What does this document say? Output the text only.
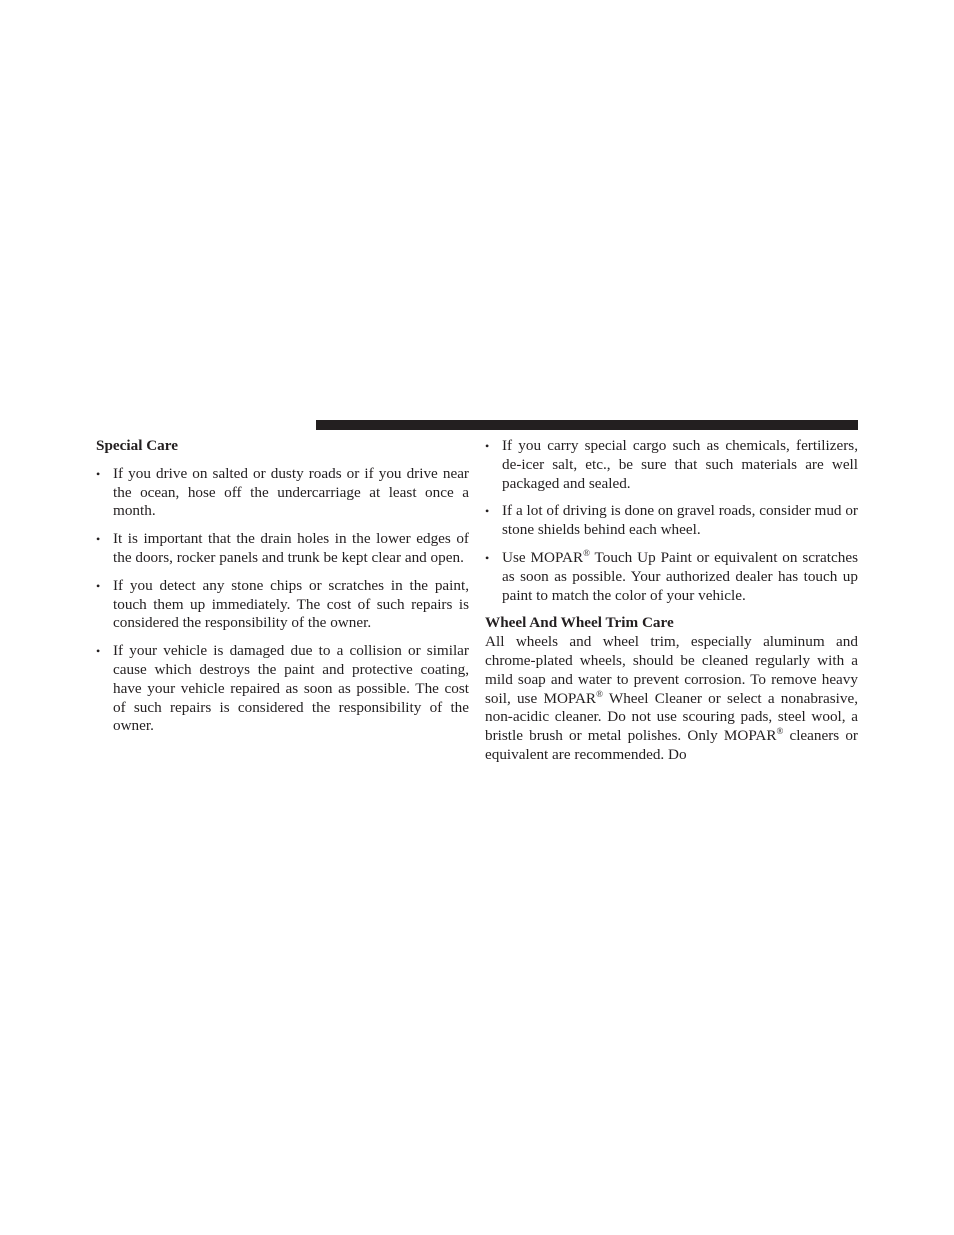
Special Care
• If you drive on salted or dusty roads or if you drive near the ocean, hose off the undercarriage at least once a month.
• It is important that the drain holes in the lower edges of the doors, rocker panels and trunk be kept clear and open.
• If you detect any stone chips or scratches in the paint, touch them up immediately. The cost of such repairs is considered the responsibility of the owner.
• If your vehicle is damaged due to a collision or similar cause which destroys the paint and protective coating, have your vehicle repaired as soon as possible. The cost of such repairs is considered the responsibility of the owner.
• If you carry special cargo such as chemicals, fertilizers, de-icer salt, etc., be sure that such materials are well packaged and sealed.
• If a lot of driving is done on gravel roads, consider mud or stone shields behind each wheel.
• Use MOPAR® Touch Up Paint or equivalent on scratches as soon as possible. Your authorized dealer has touch up paint to match the color of your vehicle.
Wheel And Wheel Trim Care

All wheels and wheel trim, especially aluminum and chrome-plated wheels, should be cleaned regularly with a mild soap and water to prevent corrosion. To remove heavy soil, use MOPAR® Wheel Cleaner or select a nonabrasive, non-acidic cleaner. Do not use scouring pads, steel wool, a bristle brush or metal polishes. Only MOPAR® cleaners or equivalent are recommended. Do
